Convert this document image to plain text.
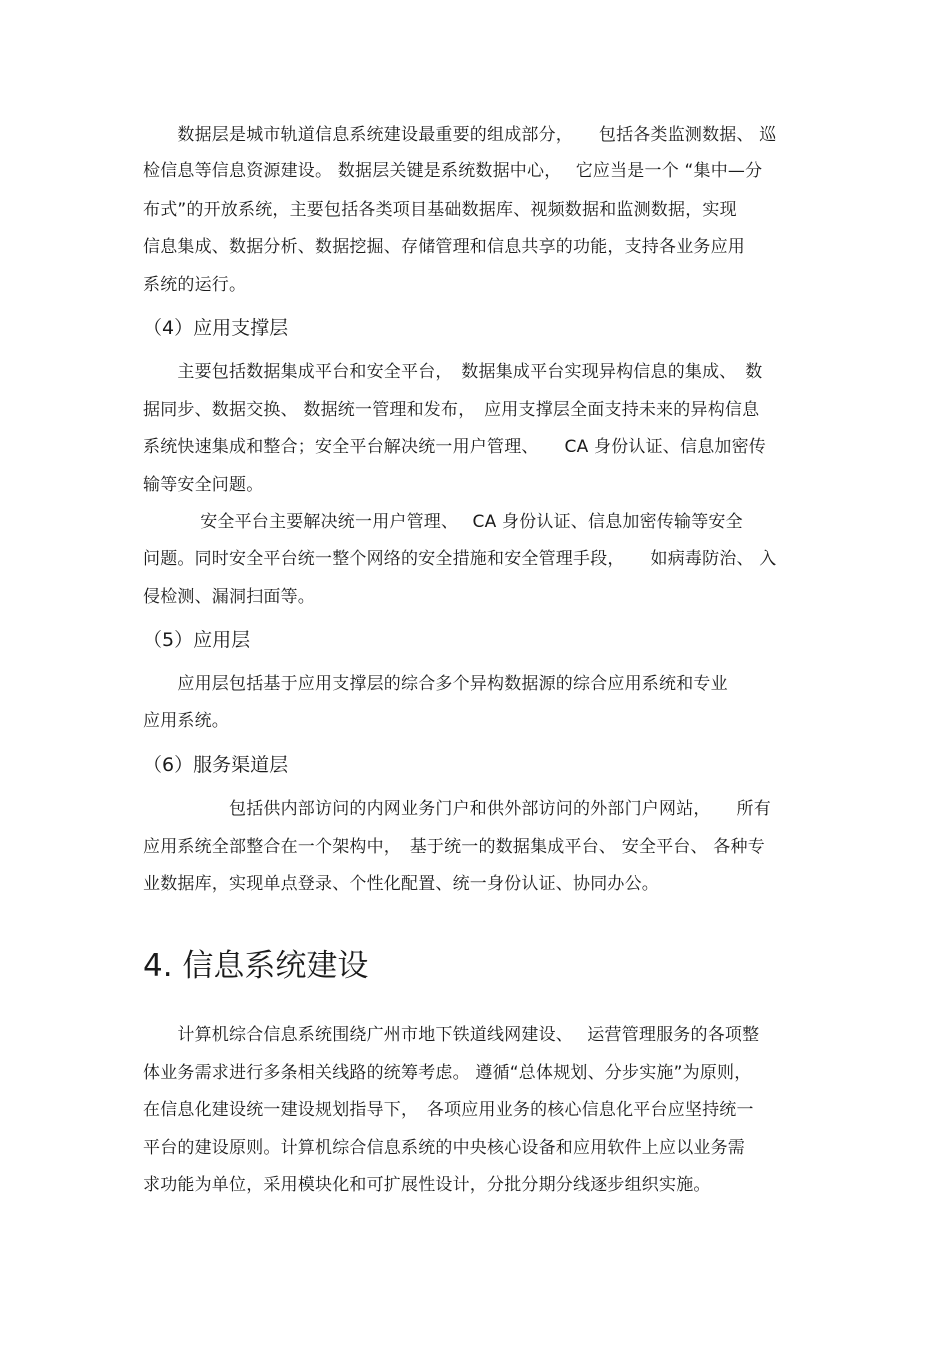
　　数据层是城市轨道信息系统建设最重要的组成部分，　　包括各类监测数据、 巡
检信息等信息资源建设。 数据层关键是系统数据中心，　 它应当是一个 “集中—分
布式”的开放系统，主要包括各类项目基础数据库、视频数据和监测数据，实现
信息集成、数据分析、数据挖掘、存储管理和信息共享的功能，支持各业务应用
系统的运行。
（4）应用支撑层
　　主要包括数据集成平台和安全平台，　数据集成平台实现异构信息的集成、　数
据同步、数据交换、 数据统一管理和发布，　应用支撑层全面支持未来的异构信息
系统快速集成和整合；安全平台解决统一用户管理、　　CA 身份认证、信息加密传
输等安全问题。
　　　 安全平台主要解决统一用户管理、　 CA 身份认证、信息加密传输等安全
问题。同时安全平台统一整个网络的安全措施和安全管理手段，　　如病毒防治、 入
侵检测、漏洞扫面等。
（5）应用层
　　应用层包括基于应用支撑层的综合多个异构数据源的综合应用系统和专业
应用系统。
（6）服务渠道层
　　　　　包括供内部访问的内网业务门户和供外部访问的外部门户网站，　　所有
应用系统全部整合在一个架构中，　基于统一的数据集成平台、 安全平台、 各种专
业数据库，实现单点登录、个性化配置、统一身份认证、协同办公。
4. 信息系统建设
　　计算机综合信息系统围绕广州市地下铁道线网建设、　 运营管理服务的各项整
体业务需求进行多条相关线路的统筹考虑。 遵循“总体规划、分步实施”为原则，
在信息化建设统一建设规划指导下，　各项应用业务的核心信息化平台应坚持统一
平台的建设原则。计算机综合信息系统的中央核心设备和应用软件上应以业务需
求功能为单位，采用模块化和可扩展性设计，分批分期分线逐步组织实施。
